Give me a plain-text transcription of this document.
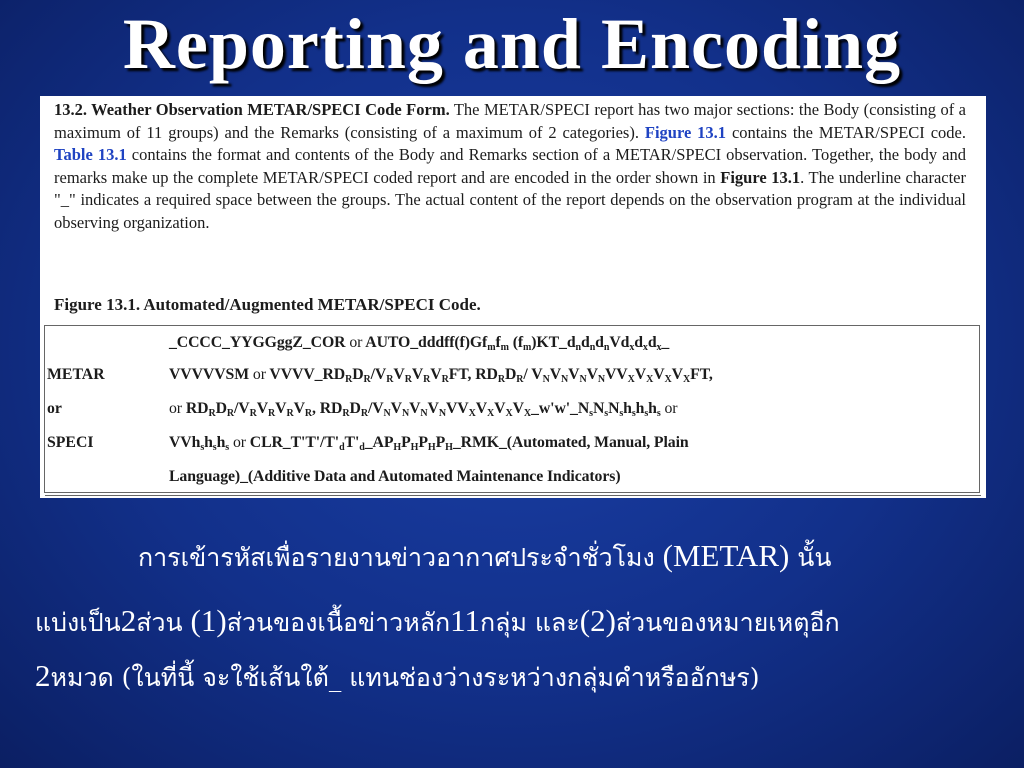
Reporting and Encoding
13.2. Weather Observation METAR/SPECI Code Form. The METAR/SPECI report has two major sections: the Body (consisting of a maximum of 11 groups) and the Remarks (consisting of a maximum of 2 categories). Figure 13.1 contains the METAR/SPECI code. Table 13.1 contains the format and contents of the Body and Remarks section of a METAR/SPECI observation. Together, the body and remarks make up the complete METAR/SPECI coded report and are encoded in the order shown in Figure 13.1. The underline character "_" indicates a required space between the groups. The actual content of the report depends on the observation program at the individual observing organization.
Figure 13.1. Automated/Augmented METAR/SPECI Code.
_CCCC_YYGGggZ_COR or $AUTO\_dddff(f)Gf_mf_m$ $(f_m)KT\_d_nd_nd_nVd_xd_xd_x\_$
METAR	VVVVVSM or $VVVV\_RD_RD_R/V_RV_RV_RV_RFT$, $RD_RD_R/$ $V_NV_NV_NV_NVV_XV_XV_XV_XFT$,
or	or $RD_RD_R/V_RV_RV_RV_R$, $RD_RD_R/V_NV_NV_NV_NVV_XV_XV_XV_X\_w'w'\_N_sN_sN_sh_sh_sh_s$ or
SPECI	$VVh_sh_sh_s$ or $CLR\_T'T'/T'_dT'_d\_AP_HP_HP_HP_H\_RMK\_(Automated$, Manual, Plain
Language)_(Additive Data and Automated Maintenance Indicators)
การเข้ารหัสเพื่อรายงานข่าวอากาศประจำชั่วโมง (METAR) นั้น
แบ่งเป็น2ส่วน (1)ส่วนของเนื้อข่าวหลัก11กลุ่ม และ(2)ส่วนของหมายเหตุอีก
2หมวด (ในที่นี้ จะใช้เส้นใต้_ แทนช่องว่างระหว่างกลุ่มคำหรืออักษร)
